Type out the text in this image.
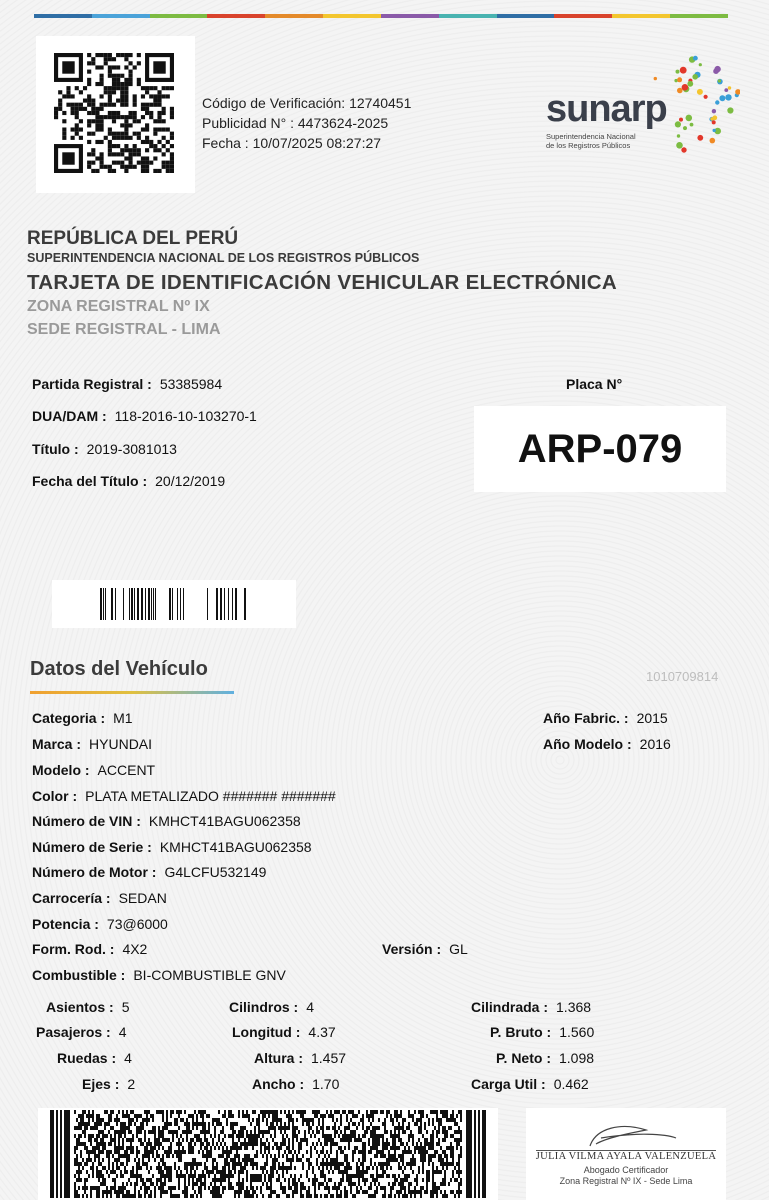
Código de Verificación: 12740451
Publicidad N° : 4473624-2025
Fecha : 10/07/2025 08:27:27
sunarp
Superintendencia Nacional
de los Registros Públicos
REPÚBLICA DEL PERÚ
SUPERINTENDENCIA NACIONAL DE LOS REGISTROS PÚBLICOS
TARJETA DE IDENTIFICACIÓN VEHICULAR ELECTRÓNICA
ZONA REGISTRAL Nº IX
SEDE REGISTRAL - LIMA
Partida Registral : 53385984
DUA/DAM : 118-2016-10-103270-1
Título : 2019-3081013
Fecha del Título : 20/12/2019
Placa N°
ARP-079
Datos del Vehículo	1010709814
Categoria : M1
Marca : HYUNDAI
Modelo : ACCENT
Color : PLATA METALIZADO ####### #######
Número de VIN : KMHCT41BAGU062358
Número de Serie : KMHCT41BAGU062358
Número de Motor : G4LCFU532149
Carrocería : SEDAN
Potencia : 73@6000
Form. Rod. : 4X2	Versión : GL
Combustible : BI-COMBUSTIBLE GNV
Año Fabric. : 2015
Año Modelo : 2016
Asientos : 5
Pasajeros : 4
Ruedas : 4
Ejes : 2
Cilindros : 4
Longitud : 4.37
Altura : 1.457
Ancho : 1.70
Cilindrada : 1.368
P. Bruto : 1.560
P. Neto : 1.098
Carga Util : 0.462
JULIA VILMA AYALA VALENZUELA
Abogado Certificador
Zona Registral Nº IX - Sede Lima
